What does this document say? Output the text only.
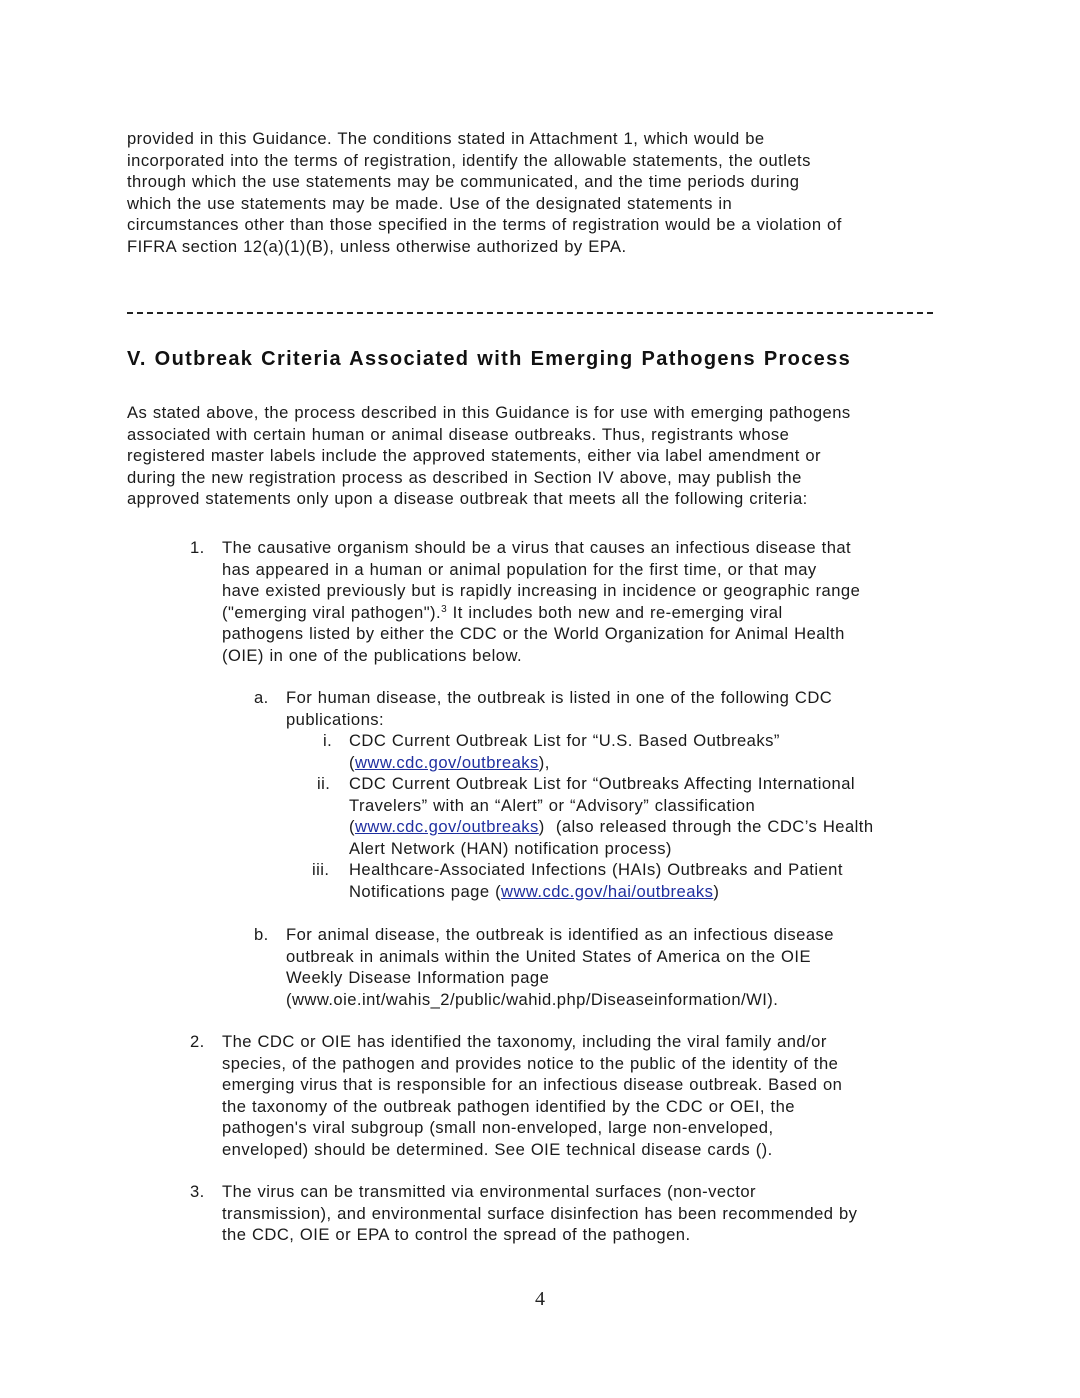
provided in this Guidance. The conditions stated in Attachment 1, which would be
incorporated into the terms of registration, identify the allowable statements, the outlets
through which the use statements may be communicated, and the time periods during
which the use statements may be made. Use of the designated statements in
circumstances other than those specified in the terms of registration would be a violation of
FIFRA section 12(a)(1)(B), unless otherwise authorized by EPA.
V. Outbreak Criteria Associated with Emerging Pathogens Process
As stated above, the process described in this Guidance is for use with emerging pathogens
associated with certain human or animal disease outbreaks. Thus, registrants whose
registered master labels include the approved statements, either via label amendment or
during the new registration process as described in Section IV above, may publish the
approved statements only upon a disease outbreak that meets all the following criteria:
1. The causative organism should be a virus that causes an infectious disease that
has appeared in a human or animal population for the first time, or that may
have existed previously but is rapidly increasing in incidence or geographic range
("emerging viral pathogen").$^3$ It includes both new and re-emerging viral
pathogens listed by either the CDC or the World Organization for Animal Health
(OIE) in one of the publications below.
a. For human disease, the outbreak is listed in one of the following CDC
publications:
i. CDC Current Outbreak List for “U.S. Based Outbreaks”
(www.cdc.gov/outbreaks),
ii. CDC Current Outbreak List for “Outbreaks Affecting International
Travelers” with an “Alert” or “Advisory” classification
(www.cdc.gov/outbreaks)  (also released through the CDC’s Health
Alert Network (HAN) notification process)
iii. Healthcare-Associated Infections (HAIs) Outbreaks and Patient
Notifications page (www.cdc.gov/hai/outbreaks)
b. For animal disease, the outbreak is identified as an infectious disease
outbreak in animals within the United States of America on the OIE
Weekly Disease Information page
(www.oie.int/wahis_2/public/wahid.php/Diseaseinformation/WI).
2. The CDC or OIE has identified the taxonomy, including the viral family and/or
species, of the pathogen and provides notice to the public of the identity of the
emerging virus that is responsible for an infectious disease outbreak. Based on
the taxonomy of the outbreak pathogen identified by the CDC or OEI, the
pathogen's viral subgroup (small non-enveloped, large non-enveloped,
enveloped) should be determined. See OIE technical disease cards ().
3. The virus can be transmitted via environmental surfaces (non-vector
transmission), and environmental surface disinfection has been recommended by
the CDC, OIE or EPA to control the spread of the pathogen.
4
